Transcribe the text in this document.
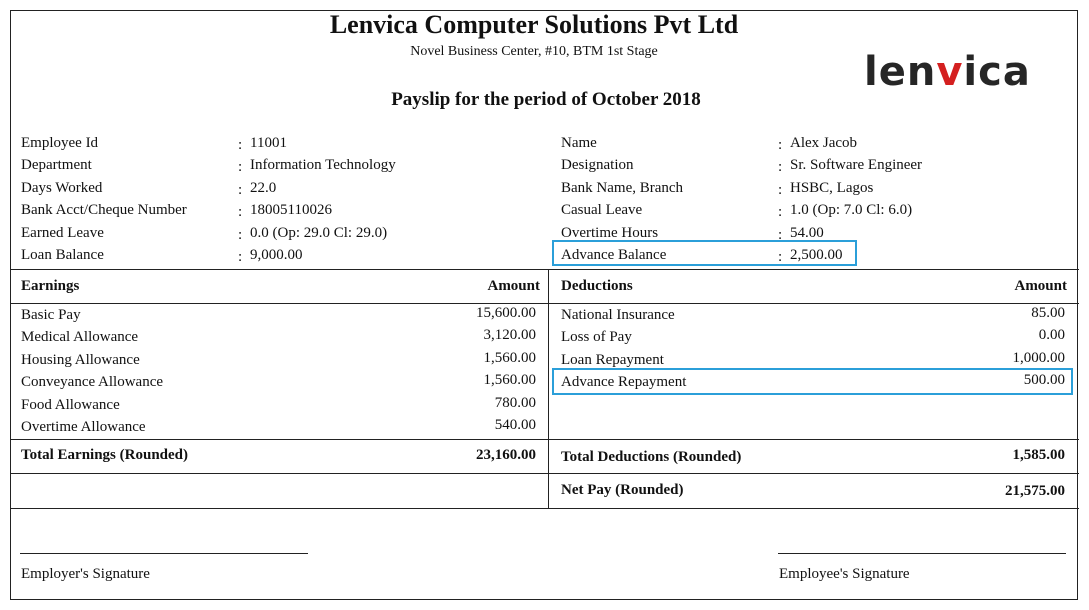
Lenvica Computer Solutions Pvt Ltd
Novel Business Center, #10, BTM 1st Stage
Payslip for the period of October 2018
lenvica
Employee Id	: 11001
Department	: Information Technology
Days Worked	: 22.0
Bank Acct/Cheque Number	: 18005110026
Earned Leave	: 0.0 (Op: 29.0 Cl: 29.0)
Loan Balance	: 9,000.00
Name	: Alex Jacob
Designation	: Sr. Software Engineer
Bank Name, Branch	: HSBC, Lagos
Casual Leave	: 1.0 (Op: 7.0 Cl: 6.0)
Overtime Hours	: 54.00
Advance Balance	: 2,500.00
Earnings	Amount Deductions	Amount
Basic Pay	15,600.00
Medical Allowance	3,120.00
Housing Allowance	1,560.00
Conveyance Allowance	1,560.00
Food Allowance	780.00
Overtime Allowance	540.00
National Insurance	85.00
Loss of Pay	0.00
Loan Repayment	1,000.00
Advance Repayment	500.00
Total Earnings (Rounded)	23,160.00 Total Deductions (Rounded)	1,585.00
Net Pay (Rounded)	21,575.00
Employer's Signature	Employee's Signature
